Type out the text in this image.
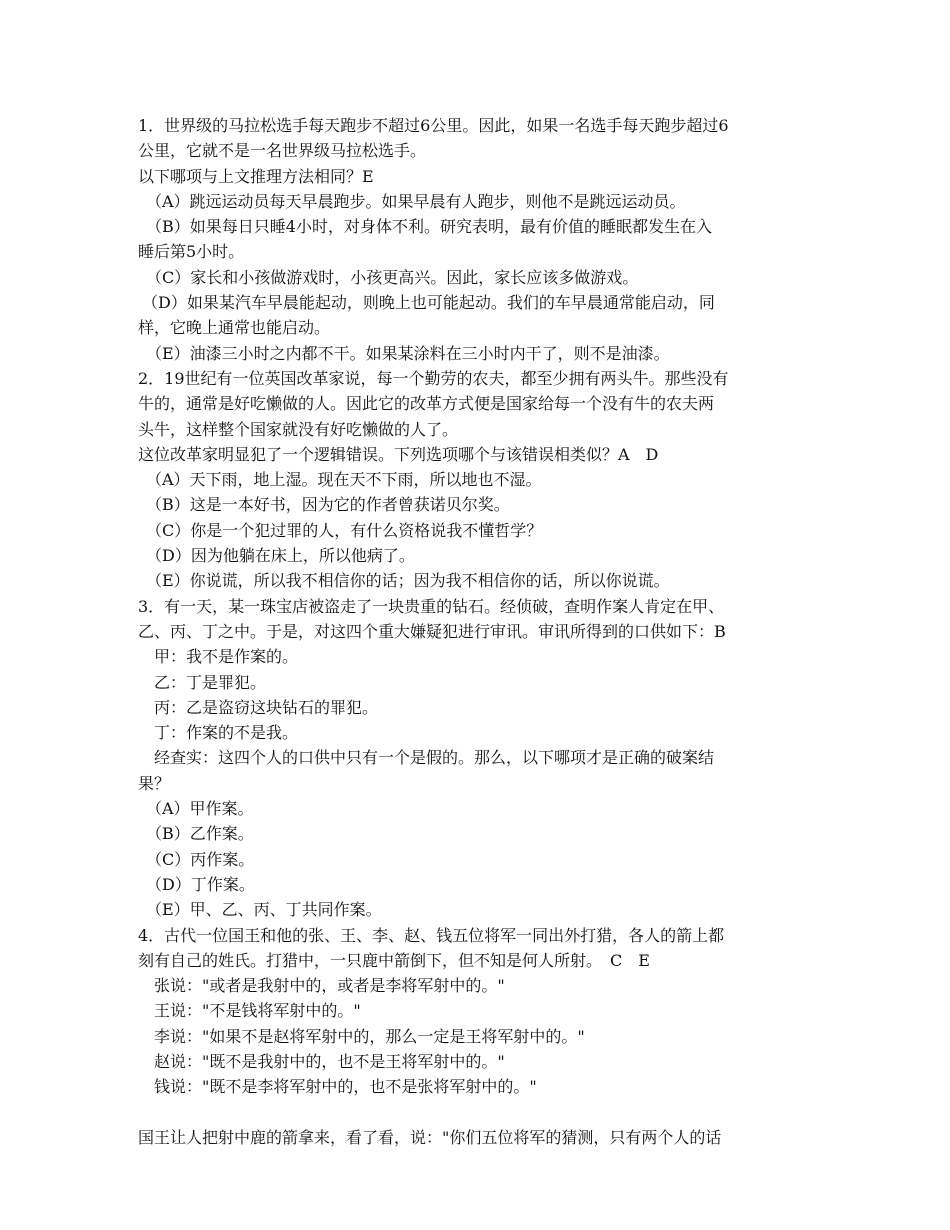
1．世界级的马拉松选手每天跑步不超过6公里。因此，如果一名选手每天跑步超过6
公里，它就不是一名世界级马拉松选手。
以下哪项与上文推理方法相同？E
（A）跳远运动员每天早晨跑步。如果早晨有人跑步，则他不是跳远运动员。
（B）如果每日只睡4小时，对身体不利。研究表明，最有价值的睡眠都发生在入
睡后第5小时。
（C）家长和小孩做游戏时，小孩更高兴。因此，家长应该多做游戏。
（D）如果某汽车早晨能起动，则晚上也可能起动。我们的车早晨通常能启动，同
样，它晚上通常也能启动。
（E）油漆三小时之内都不干。如果某涂料在三小时内干了，则不是油漆。
2．19世纪有一位英国改革家说，每一个勤劳的农夫，都至少拥有两头牛。那些没有
牛的，通常是好吃懒做的人。因此它的改革方式便是国家给每一个没有牛的农夫两
头牛，这样整个国家就没有好吃懒做的人了。
这位改革家明显犯了一个逻辑错误。下列选项哪个与该错误相类似？A　D
（A）天下雨，地上湿。现在天不下雨，所以地也不湿。
（B）这是一本好书，因为它的作者曾获诺贝尔奖。
（C）你是一个犯过罪的人，有什么资格说我不懂哲学？
（D）因为他躺在床上，所以他病了。
（E）你说谎，所以我不相信你的话；因为我不相信你的话，所以你说谎。
3．有一天，某一珠宝店被盗走了一块贵重的钻石。经侦破，查明作案人肯定在甲、
乙、丙、丁之中。于是，对这四个重大嫌疑犯进行审讯。审讯所得到的口供如下：B
甲：我不是作案的。
乙：丁是罪犯。
丙：乙是盗窃这块钻石的罪犯。
丁：作案的不是我。
经查实：这四个人的口供中只有一个是假的。那么，以下哪项才是正确的破案结
果？
（A）甲作案。
（B）乙作案。
（C）丙作案。
（D）丁作案。
（E）甲、乙、丙、丁共同作案。
4．古代一位国王和他的张、王、李、赵、钱五位将军一同出外打猎，各人的箭上都
刻有自己的姓氏。打猎中，一只鹿中箭倒下，但不知是何人所射。　C　E
张说："或者是我射中的，或者是李将军射中的。"
王说："不是钱将军射中的。"
李说："如果不是赵将军射中的，那么一定是王将军射中的。"
赵说："既不是我射中的，也不是王将军射中的。"
钱说："既不是李将军射中的，也不是张将军射中的。"
国王让人把射中鹿的箭拿来，看了看，说："你们五位将军的猜测，只有两个人的话
